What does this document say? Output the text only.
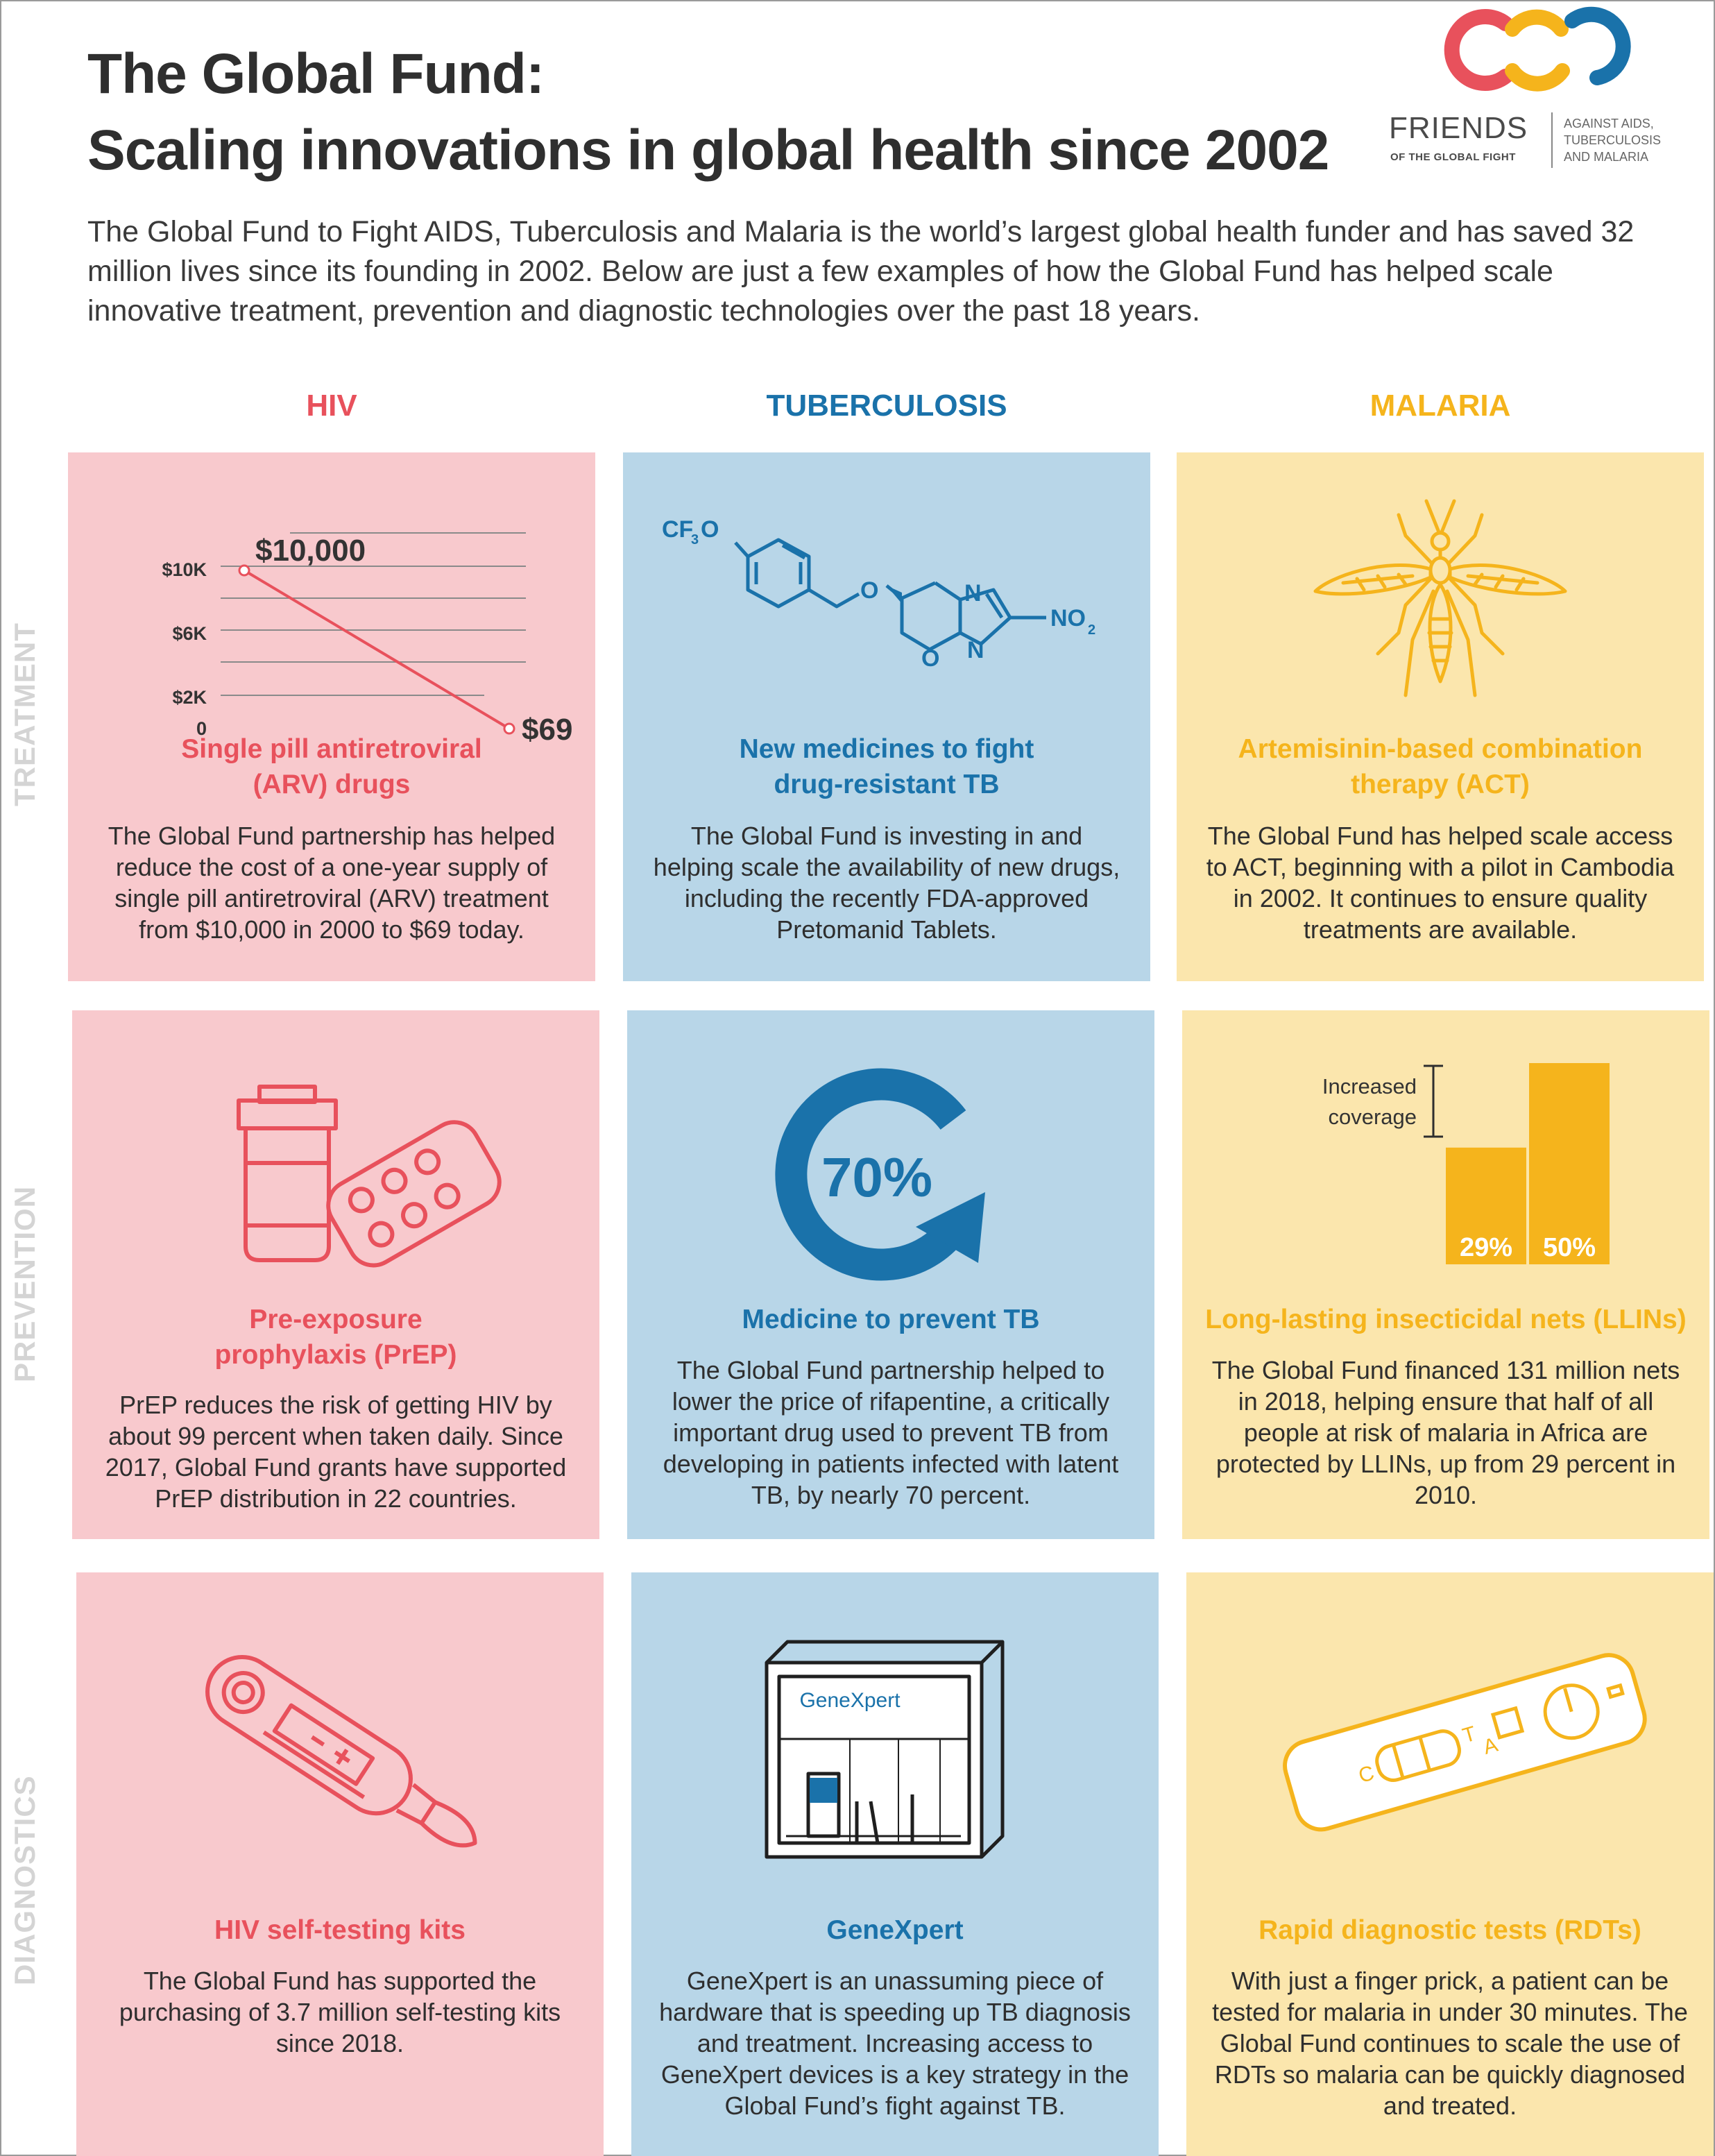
The Global Fund:
Scaling innovations in global health since 2002
The Global Fund to Fight AIDS, Tuberculosis and Malaria is the world’s largest global health funder and has saved 32 million lives since its founding in 2002. Below are just a few examples of how the Global Fund has helped scale innovative treatment, prevention and diagnostic technologies over the past 18 years.
FRIENDS
OF THE GLOBAL FIGHT
AGAINST AIDS,
TUBERCULOSIS
AND MALARIA
HIV	TUBERCULOSIS	MALARIA
TREATMENT
PREVENTION
DIAGNOSTICS
$10K
$6K
$2K
0
$10,000
$69
Single pill antiretroviral
(ARV) drugs
The Global Fund partnership has helped reduce the cost of a one-year supply of single pill antiretroviral (ARV) treatment from $10,000 in 2000 to $69 today.
CF
3 O
O
O
N
N
NO 2
New medicines to fight
drug-resistant TB
The Global Fund is investing in and helping scale the availability of new drugs, including the recently FDA-approved Pretomanid Tablets.
Artemisinin-based combination
therapy (ACT)
The Global Fund has helped scale access to ACT, beginning with a pilot in Cambodia in 2002. It continues to ensure quality treatments are available.
Pre-exposure
prophylaxis (PrEP)
PrEP reduces the risk of getting HIV by about 99 percent when taken daily. Since 2017, Global Fund grants have supported PrEP distribution in 22 countries.
70%
Medicine to prevent TB
The Global Fund partnership helped to lower the price of rifapentine, a critically important drug used to prevent TB from developing in patients infected with latent TB, by nearly 70 percent.
Increased
coverage
29% 50%
Long-lasting insecticidal nets (LLINs)
The Global Fund financed 131 million nets in 2018, helping ensure that half of all people at risk of malaria in Africa are protected by LLINs, up from 29 percent in 2010.
HIV self-testing kits
The Global Fund has supported the purchasing of 3.7 million self-testing kits since 2018.
GeneXpert
GeneXpert
GeneXpert is an unassuming piece of hardware that is speeding up TB diagnosis and treatment. Increasing access to GeneXpert devices is a key strategy in the Global Fund’s fight against TB.
C
T A
Rapid diagnostic tests (RDTs)
With just a finger prick, a patient can be tested for malaria in under 30 minutes. The Global Fund continues to scale the use of RDTs so malaria can be quickly diagnosed and treated.
